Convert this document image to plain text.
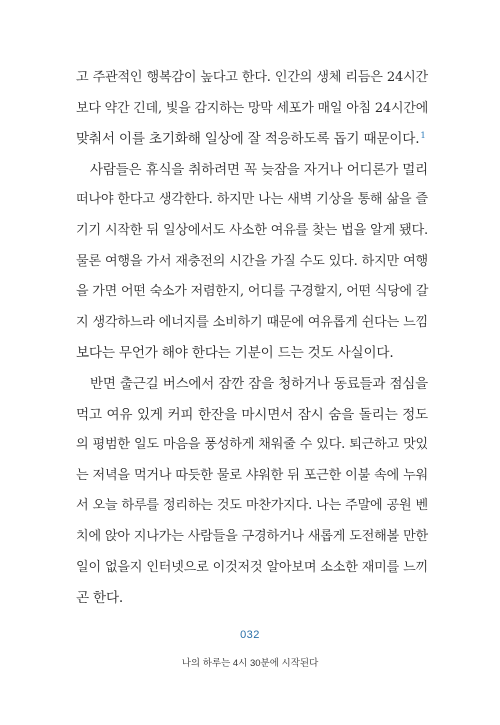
고 주관적인 행복감이 높다고 한다. 인간의 생체 리듬은 24시간
보다 약간 긴데, 빛을 감지하는 망막 세포가 매일 아침 24시간에
맞춰서 이를 초기화해 일상에 잘 적응하도록 돕기 때문이다.$^1$
사람들은 휴식을 취하려면 꼭 늦잠을 자거나 어디론가 멀리
떠나야 한다고 생각한다. 하지만 나는 새벽 기상을 통해 삶을 즐
기기 시작한 뒤 일상에서도 사소한 여유를 찾는 법을 알게 됐다.
물론 여행을 가서 재충전의 시간을 가질 수도 있다. 하지만 여행
을 가면 어떤 숙소가 저렴한지, 어디를 구경할지, 어떤 식당에 갈
지 생각하느라 에너지를 소비하기 때문에 여유롭게 쉰다는 느낌
보다는 무언가 해야 한다는 기분이 드는 것도 사실이다.
반면 출근길 버스에서 잠깐 잠을 청하거나 동료들과 점심을
먹고 여유 있게 커피 한잔을 마시면서 잠시 숨을 돌리는 정도
의 평범한 일도 마음을 풍성하게 채워줄 수 있다. 퇴근하고 맛있
는 저녁을 먹거나 따듯한 물로 샤워한 뒤 포근한 이불 속에 누워
서 오늘 하루를 정리하는 것도 마찬가지다. 나는 주말에 공원 벤
치에 앉아 지나가는 사람들을 구경하거나 새롭게 도전해볼 만한
일이 없을지 인터넷으로 이것저것 알아보며 소소한 재미를 느끼
곤 한다.
032
나의 하루는 4시 30분에 시작된다
